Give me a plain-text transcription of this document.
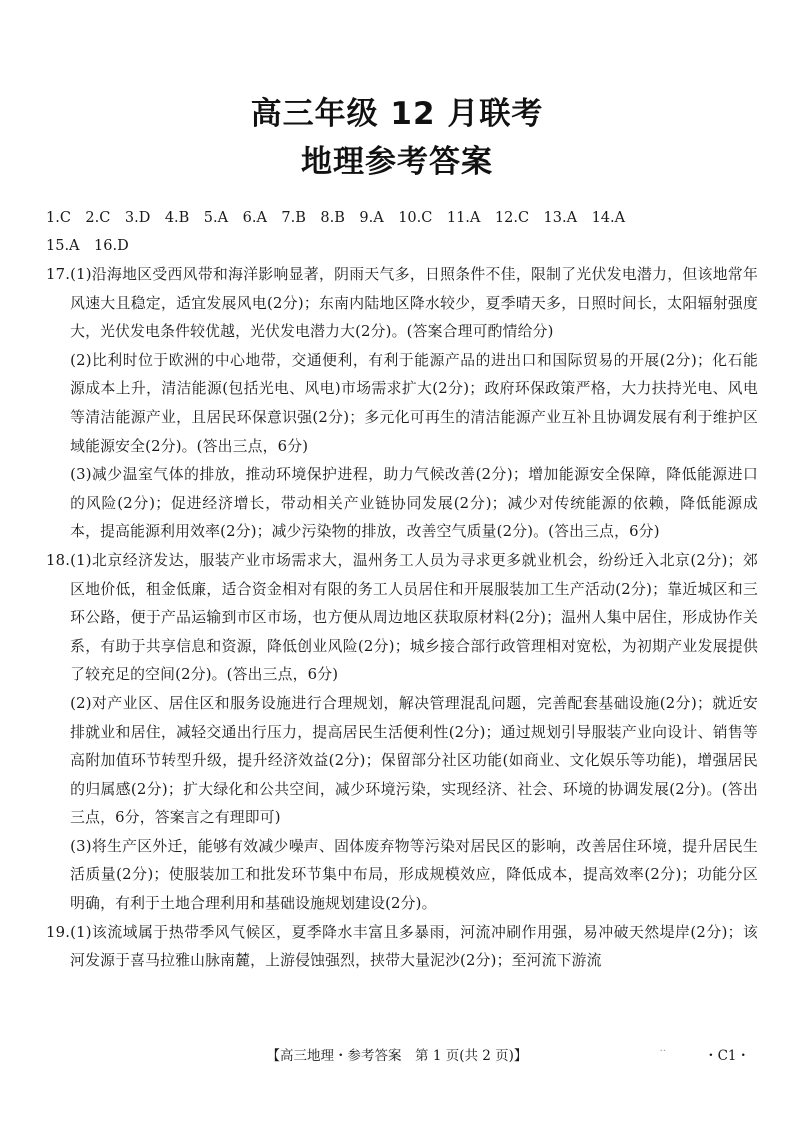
高三年级 12 月联考
地理参考答案
1.C　2.C　3.D　4.B　5.A　6.A　7.B　8.B　9.A　10.C　11.A　12.C　13.A　14.A
15.A　16.D
17. (1)沿海地区受西风带和海洋影响显著，阴雨天气多，日照条件不佳，限制了光伏发电潜力，但该地常年风速大且稳定，适宜发展风电(2分)；东南内陆地区降水较少，夏季晴天多，日照时间长，太阳辐射强度大，光伏发电条件较优越，光伏发电潜力大(2分)。(答案合理可酌情给分)

(2)比利时位于欧洲的中心地带，交通便利，有利于能源产品的进出口和国际贸易的开展(2分)；化石能源成本上升，清洁能源(包括光电、风电)市场需求扩大(2分)；政府环保政策严格，大力扶持光电、风电等清洁能源产业，且居民环保意识强(2分)；多元化可再生的清洁能源产业互补且协调发展有利于维护区域能源安全(2分)。(答出三点，6分)

(3)减少温室气体的排放，推动环境保护进程，助力气候改善(2分)；增加能源安全保障，降低能源进口的风险(2分)；促进经济增长，带动相关产业链协同发展(2分)；减少对传统能源的依赖，降低能源成本，提高能源利用效率(2分)；减少污染物的排放，改善空气质量(2分)。(答出三点，6分)

18. (1)北京经济发达，服装产业市场需求大，温州务工人员为寻求更多就业机会，纷纷迁入北京(2分)；郊区地价低，租金低廉，适合资金相对有限的务工人员居住和开展服装加工生产活动(2分)；靠近城区和三环公路，便于产品运输到市区市场，也方便从周边地区获取原材料(2分)；温州人集中居住，形成协作关系，有助于共享信息和资源，降低创业风险(2分)；城乡接合部行政管理相对宽松，为初期产业发展提供了较充足的空间(2分)。(答出三点，6分)

(2)对产业区、居住区和服务设施进行合理规划，解决管理混乱问题，完善配套基础设施(2分)；就近安排就业和居住，减轻交通出行压力，提高居民生活便利性(2分)；通过规划引导服装产业向设计、销售等高附加值环节转型升级，提升经济效益(2分)；保留部分社区功能(如商业、文化娱乐等功能)，增强居民的归属感(2分)；扩大绿化和公共空间，减少环境污染，实现经济、社会、环境的协调发展(2分)。(答出三点，6分，答案言之有理即可)

(3)将生产区外迁，能够有效减少噪声、固体废弃物等污染对居民区的影响，改善居住环境，提升居民生活质量(2分)；使服装加工和批发环节集中布局，形成规模效应，降低成本，提高效率(2分)；功能分区明确，有利于土地合理利用和基础设施规划建设(2分)。

19. (1)该流域属于热带季风气候区，夏季降水丰富且多暴雨，河流冲刷作用强，易冲破天然堤岸(2分)；该河发源于喜马拉雅山脉南麓，上游侵蚀强烈，挟带大量泥沙(2分)；至河流下游流

【高三地理・参考答案　第 1 页(共 2 页)】	··	・C1・
